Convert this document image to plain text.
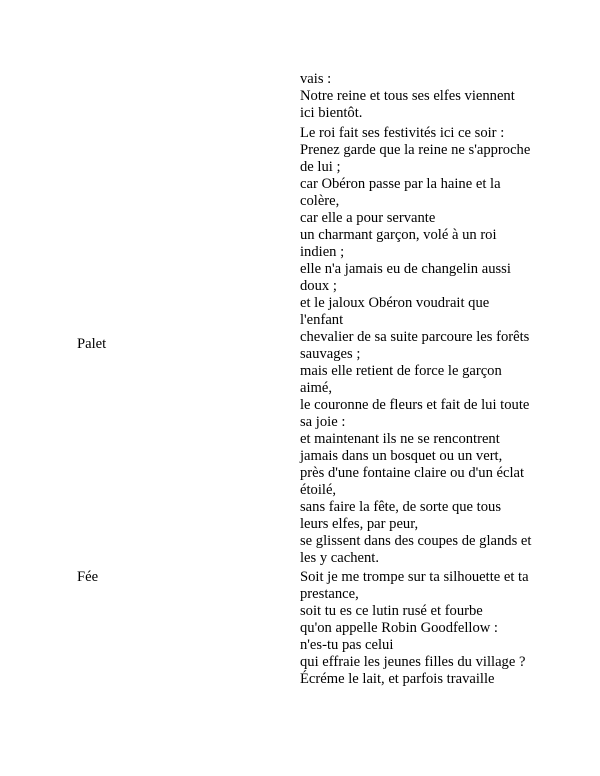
Palet
vais :
Notre reine et tous ses elfes viennent ici bientôt.
Le roi fait ses festivités ici ce soir :
Prenez garde que la reine ne s'approche de lui ;
car Obéron passe par la haine et la colère,
car elle a pour servante
un charmant garçon, volé à un roi indien ;
elle n'a jamais eu de changelin aussi doux ;
et le jaloux Obéron voudrait que l'enfant
chevalier de sa suite parcoure les forêts sauvages ;
mais elle retient de force le garçon aimé,
le couronne de fleurs et fait de lui toute sa joie :
et maintenant ils ne se rencontrent jamais dans un bosquet ou un vert,
près d'une fontaine claire ou d'un éclat étoilé,
sans faire la fête, de sorte que tous leurs elfes, par peur,
se glissent dans des coupes de glands et les y cachent.
Fée	Soit je me trompe sur ta silhouette et ta prestance,
soit tu es ce lutin rusé et fourbe
qu'on appelle Robin Goodfellow :
n'es-tu pas celui
qui effraie les jeunes filles du village ?
Écréme le lait, et parfois travaille
